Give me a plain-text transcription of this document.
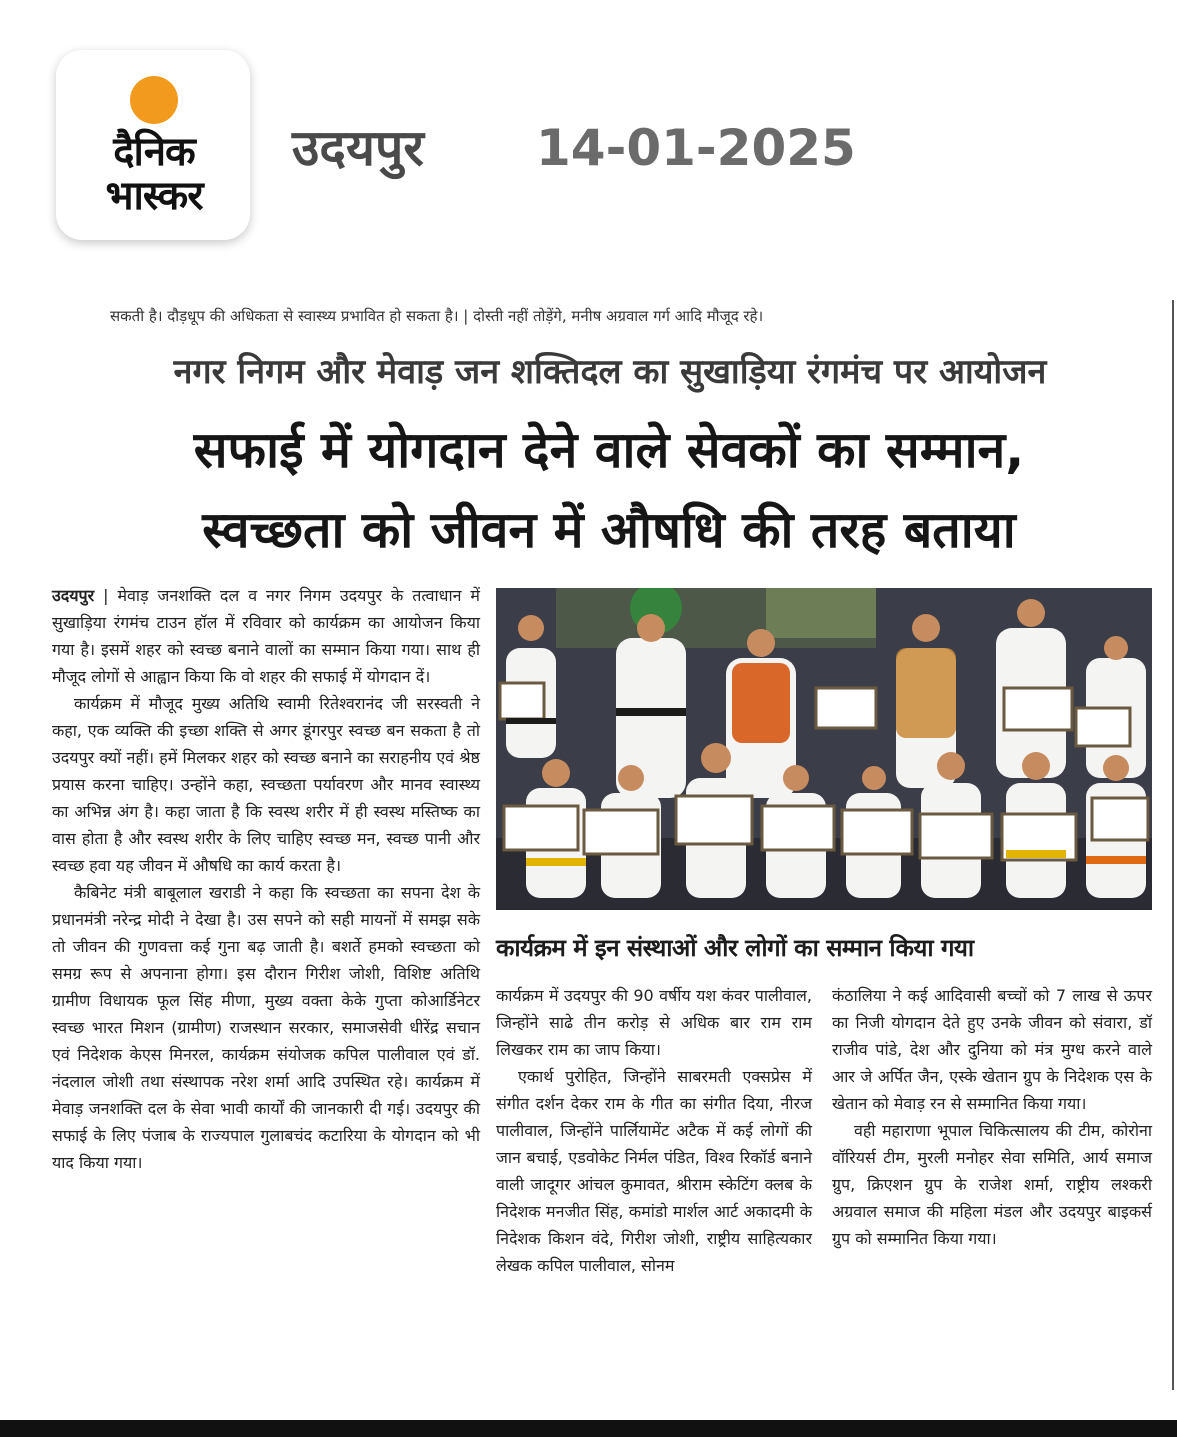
दैनिक भास्कर
उदयपुर 14-01-2025
सकती है। दौड़धूप की अधिकता से स्वास्थ्य प्रभावित हो सकता है। | दोस्ती नहीं तोड़ेंगे, मनीष अग्रवाल गर्ग आदि मौजूद रहे।
नगर निगम और मेवाड़ जन शक्तिदल का सुखाड़िया रंगमंच पर आयोजन
सफाई में योगदान देने वाले सेवकों का सम्मान,
स्वच्छता को जीवन में औषधि की तरह बताया

उदयपुर | मेवाड़ जनशक्ति दल व नगर निगम उदयपुर के तत्वाधान में सुखाड़िया रंगमंच टाउन हॉल में रविवार को कार्यक्रम का आयोजन किया गया है। इसमें शहर को स्वच्छ बनाने वालों का सम्मान किया गया। साथ ही मौजूद लोगों से आह्वान किया कि वो शहर की सफाई में योगदान दें।

कार्यक्रम में मौजूद मुख्य अतिथि स्वामी रितेश्वरानंद जी सरस्वती ने कहा, एक व्यक्ति की इच्छा शक्ति से अगर डूंगरपुर स्वच्छ बन सकता है तो उदयपुर क्यों नहीं। हमें मिलकर शहर को स्वच्छ बनाने का सराहनीय एवं श्रेष्ठ प्रयास करना चाहिए। उन्होंने कहा, स्वच्छता पर्यावरण और मानव स्वास्थ्य का अभिन्न अंग है। कहा जाता है कि स्वस्थ शरीर में ही स्वस्थ मस्तिष्क का वास होता है और स्वस्थ शरीर के लिए चाहिए स्वच्छ मन, स्वच्छ पानी और स्वच्छ हवा यह जीवन में औषधि का कार्य करता है।

कैबिनेट मंत्री बाबूलाल खराडी ने कहा कि स्वच्छता का सपना देश के प्रधानमंत्री नरेन्द्र मोदी ने देखा है। उस सपने को सही मायनों में समझ सके तो जीवन की गुणवत्ता कई गुना बढ़ जाती है। बशर्ते हमको स्वच्छता को समग्र रूप से अपनाना होगा। इस दौरान गिरीश जोशी, विशिष्ट अतिथि ग्रामीण विधायक फूल सिंह मीणा, मुख्य वक्ता केके गुप्ता कोआर्डिनेटर स्वच्छ भारत मिशन (ग्रामीण) राजस्थान सरकार, समाजसेवी धीरेंद्र सचान एवं निदेशक केएस मिनरल, कार्यक्रम संयोजक कपिल पालीवाल एवं डॉ. नंदलाल जोशी तथा संस्थापक नरेश शर्मा आदि उपस्थित रहे। कार्यक्रम में मेवाड़ जनशक्ति दल के सेवा भावी कार्यों की जानकारी दी गई। उदयपुर की सफाई के लिए पंजाब के राज्यपाल गुलाबचंद कटारिया के योगदान को भी याद किया गया।

कार्यक्रम में इन संस्थाओं और लोगों का सम्मान किया गया

कार्यक्रम में उदयपुर की 90 वर्षीय यश कंवर पालीवाल, जिन्होंने साढे तीन करोड़ से अधिक बार राम राम लिखकर राम का जाप किया।

एकार्थ पुरोहित, जिन्होंने साबरमती एक्सप्रेस में संगीत दर्शन देकर राम के गीत का संगीत दिया, नीरज पालीवाल, जिन्होंने पार्लियामेंट अटैक में कई लोगों की जान बचाई, एडवोकेट निर्मल पंडित, विश्व रिकॉर्ड बनाने वाली जादूगर आंचल कुमावत, श्रीराम स्केटिंग क्लब के निदेशक मनजीत सिंह, कमांडो मार्शल आर्ट अकादमी के निदेशक किशन वंदे, गिरीश जोशी, राष्ट्रीय साहित्यकार लेखक कपिल पालीवाल, सोनम

कंठालिया ने कई आदिवासी बच्चों को 7 लाख से ऊपर का निजी योगदान देते हुए उनके जीवन को संवारा, डॉ राजीव पांडे, देश और दुनिया को मंत्र मुग्ध करने वाले आर जे अर्पित जैन, एस्के खेतान ग्रुप के निदेशक एस के खेतान को मेवाड़ रन से सम्मानित किया गया।

वही महाराणा भूपाल चिकित्सालय की टीम, कोरोना वॉरियर्स टीम, मुरली मनोहर सेवा समिति, आर्य समाज ग्रुप, क्रिएशन ग्रुप के राजेश शर्मा, राष्ट्रीय लश्करी अग्रवाल समाज की महिला मंडल और उदयपुर बाइकर्स ग्रुप को सम्मानित किया गया।
